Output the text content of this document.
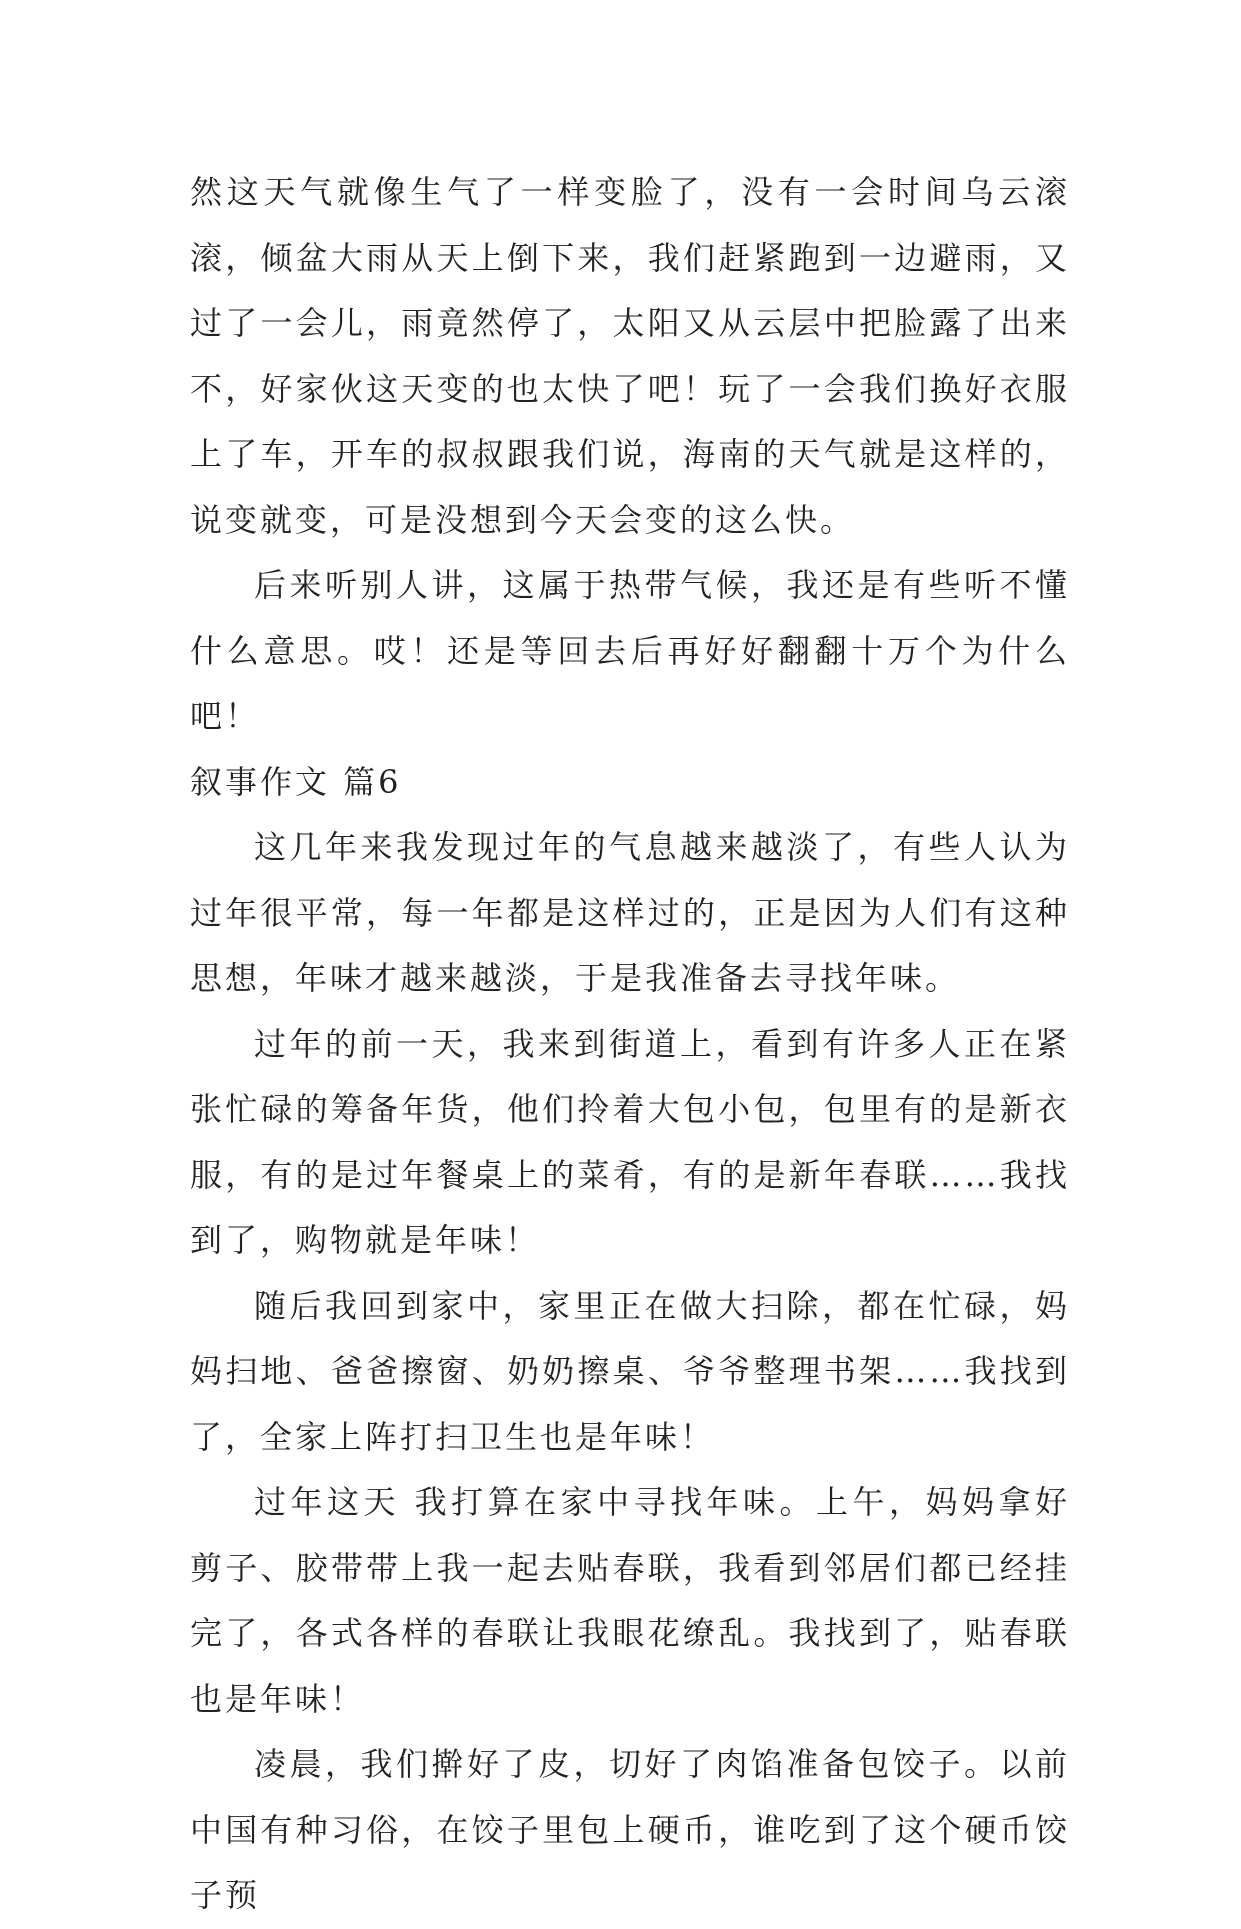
然这天气就像生气了一样变脸了，没有一会时间乌云滚滚，倾盆大雨从天上倒下来，我们赶紧跑到一边避雨，又过了一会儿，雨竟然停了，太阳又从云层中把脸露了出来不，好家伙这天变的也太快了吧！玩了一会我们换好衣服上了车，开车的叔叔跟我们说，海南的天气就是这样的，说变就变，可是没想到今天会变的这么快。

后来听别人讲，这属于热带气候，我还是有些听不懂什么意思。哎！还是等回去后再好好翻翻十万个为什么吧！

叙事作文 篇6

这几年来我发现过年的气息越来越淡了，有些人认为过年很平常，每一年都是这样过的，正是因为人们有这种思想，年味才越来越淡，于是我准备去寻找年味。

过年的前一天，我来到街道上，看到有许多人正在紧张忙碌的筹备年货，他们拎着大包小包，包里有的是新衣服，有的是过年餐桌上的菜肴，有的是新年春联……我找到了，购物就是年味！

随后我回到家中，家里正在做大扫除，都在忙碌，妈妈扫地、爸爸擦窗、奶奶擦桌、爷爷整理书架……我找到了，全家上阵打扫卫生也是年味！

过年这天 我打算在家中寻找年味。上午，妈妈拿好剪子、胶带带上我一起去贴春联，我看到邻居们都已经挂完了，各式各样的春联让我眼花缭乱。我找到了，贴春联也是年味！

凌晨，我们擀好了皮，切好了肉馅准备包饺子。以前中国有种习俗，在饺子里包上硬币，谁吃到了这个硬币饺子预
